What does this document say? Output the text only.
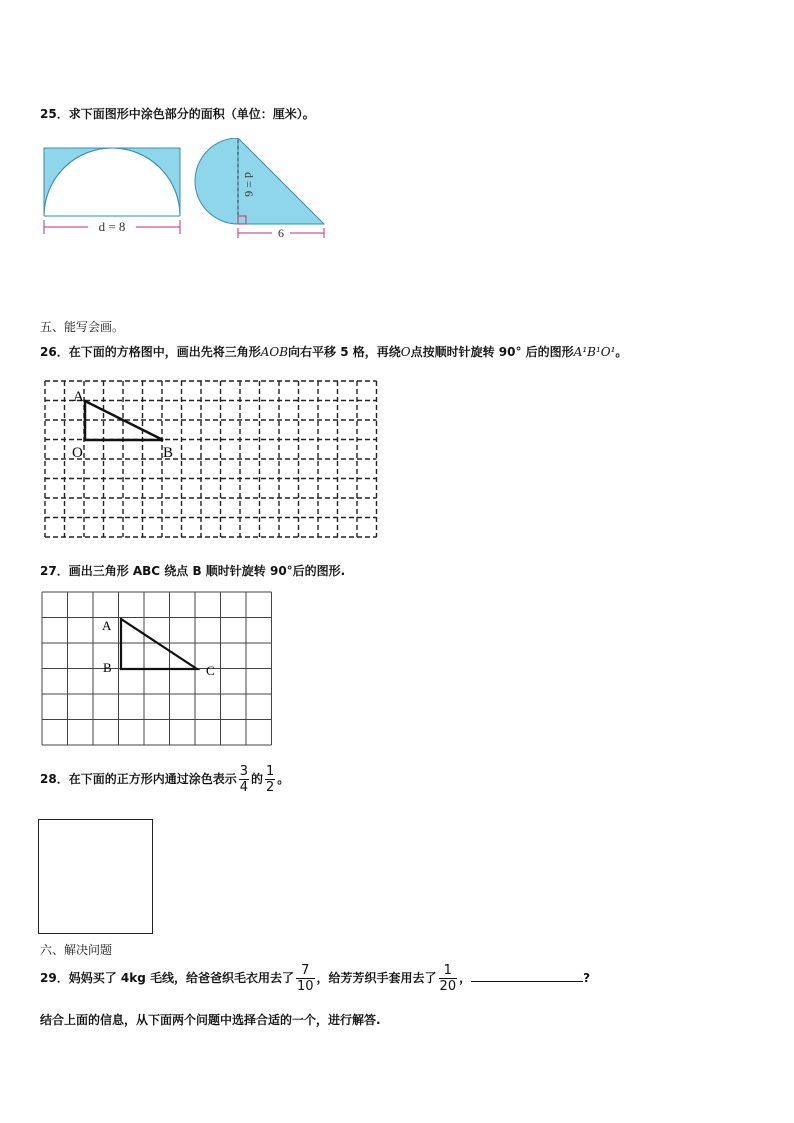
25．求下面图形中涂色部分的面积（单位：厘米）。
d = 8
d = 6
6
五、能写会画。
26．在下面的方格图中，画出先将三角形AOB向右平移 5 格，再绕O点按顺时针旋转 90° 后的图形A¹B¹O¹。
A
O	B
27．画出三角形 ABC 绕点 B 顺时针旋转 90°后的图形.
A
B	C
28．在下面的正方形内通过涂色表示 $\frac{3}{4}$ 的 $\frac{1}{2}$ 。
六、解决问题
29．妈妈买了 4kg 毛线，给爸爸织毛衣用去了 $\frac{7}{10}$ ，给芳芳织手套用去了 $\frac{1}{20}$ ，	?
结合上面的信息，从下面两个问题中选择合适的一个，进行解答.
